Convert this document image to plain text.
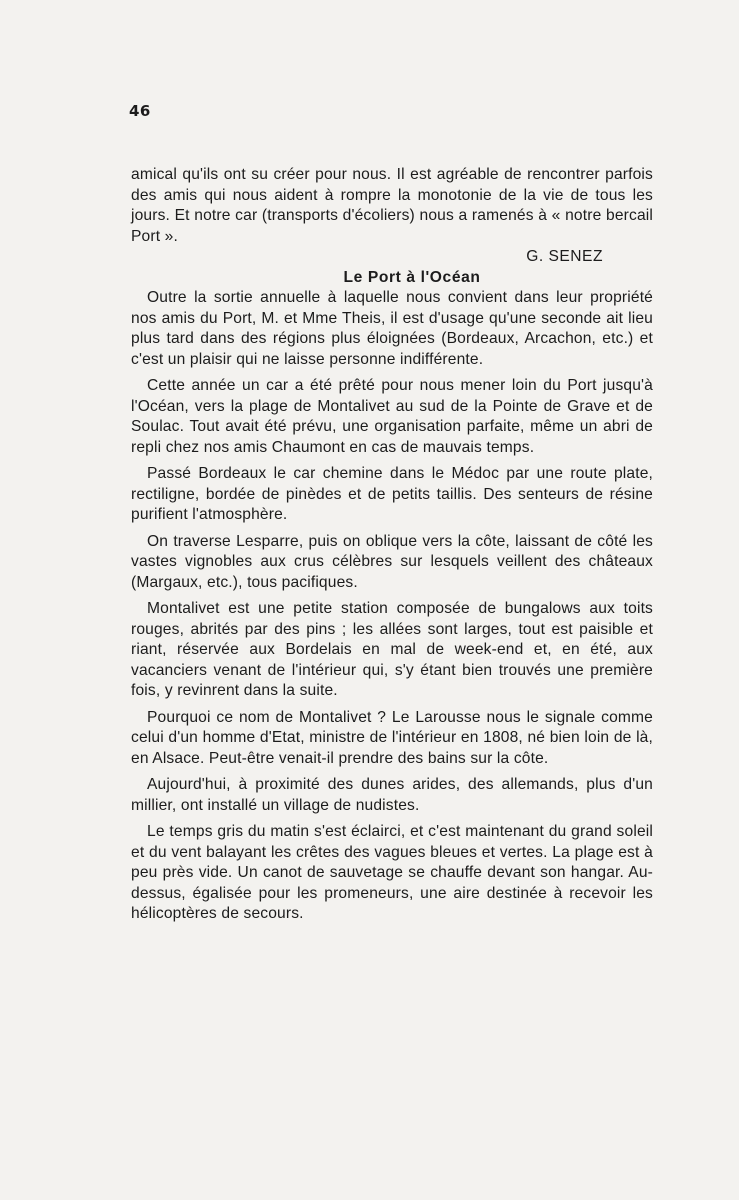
46

amical qu'ils ont su créer pour nous. Il est agréable de rencontrer parfois des amis qui nous aident à rompre la monotonie de la vie de tous les jours. Et notre car (transports d'écoliers) nous a ramenés à « notre bercail Port ».

G. SENEZ

Le Port à l'Océan

Outre la sortie annuelle à laquelle nous convient dans leur propriété nos amis du Port, M. et Mme Theis, il est d'usage qu'une seconde ait lieu plus tard dans des régions plus éloignées (Bordeaux, Arcachon, etc.) et c'est un plaisir qui ne laisse personne indifférente.

Cette année un car a été prêté pour nous mener loin du Port jusqu'à l'Océan, vers la plage de Montalivet au sud de la Pointe de Grave et de Soulac. Tout avait été prévu, une organisation parfaite, même un abri de repli chez nos amis Chaumont en cas de mauvais temps.

Passé Bordeaux le car chemine dans le Médoc par une route plate, rectiligne, bordée de pinèdes et de petits taillis. Des senteurs de résine purifient l'atmosphère.

On traverse Lesparre, puis on oblique vers la côte, laissant de côté les vastes vignobles aux crus célèbres sur lesquels veillent des châteaux (Margaux, etc.), tous pacifiques.

Montalivet est une petite station composée de bungalows aux toits rouges, abrités par des pins ; les allées sont larges, tout est paisible et riant, réservée aux Bordelais en mal de week-end et, en été, aux vacanciers venant de l'intérieur qui, s'y étant bien trouvés une première fois, y revinrent dans la suite.

Pourquoi ce nom de Montalivet ? Le Larousse nous le signale comme celui d'un homme d'Etat, ministre de l'intérieur en 1808, né bien loin de là, en Alsace. Peut-être venait-il prendre des bains sur la côte.

Aujourd'hui, à proximité des dunes arides, des allemands, plus d'un millier, ont installé un village de nudistes.

Le temps gris du matin s'est éclairci, et c'est maintenant du grand soleil et du vent balayant les crêtes des vagues bleues et vertes. La plage est à peu près vide. Un canot de sauvetage se chauffe devant son hangar. Au-dessus, égalisée pour les promeneurs, une aire destinée à recevoir les hélicoptères de secours.
